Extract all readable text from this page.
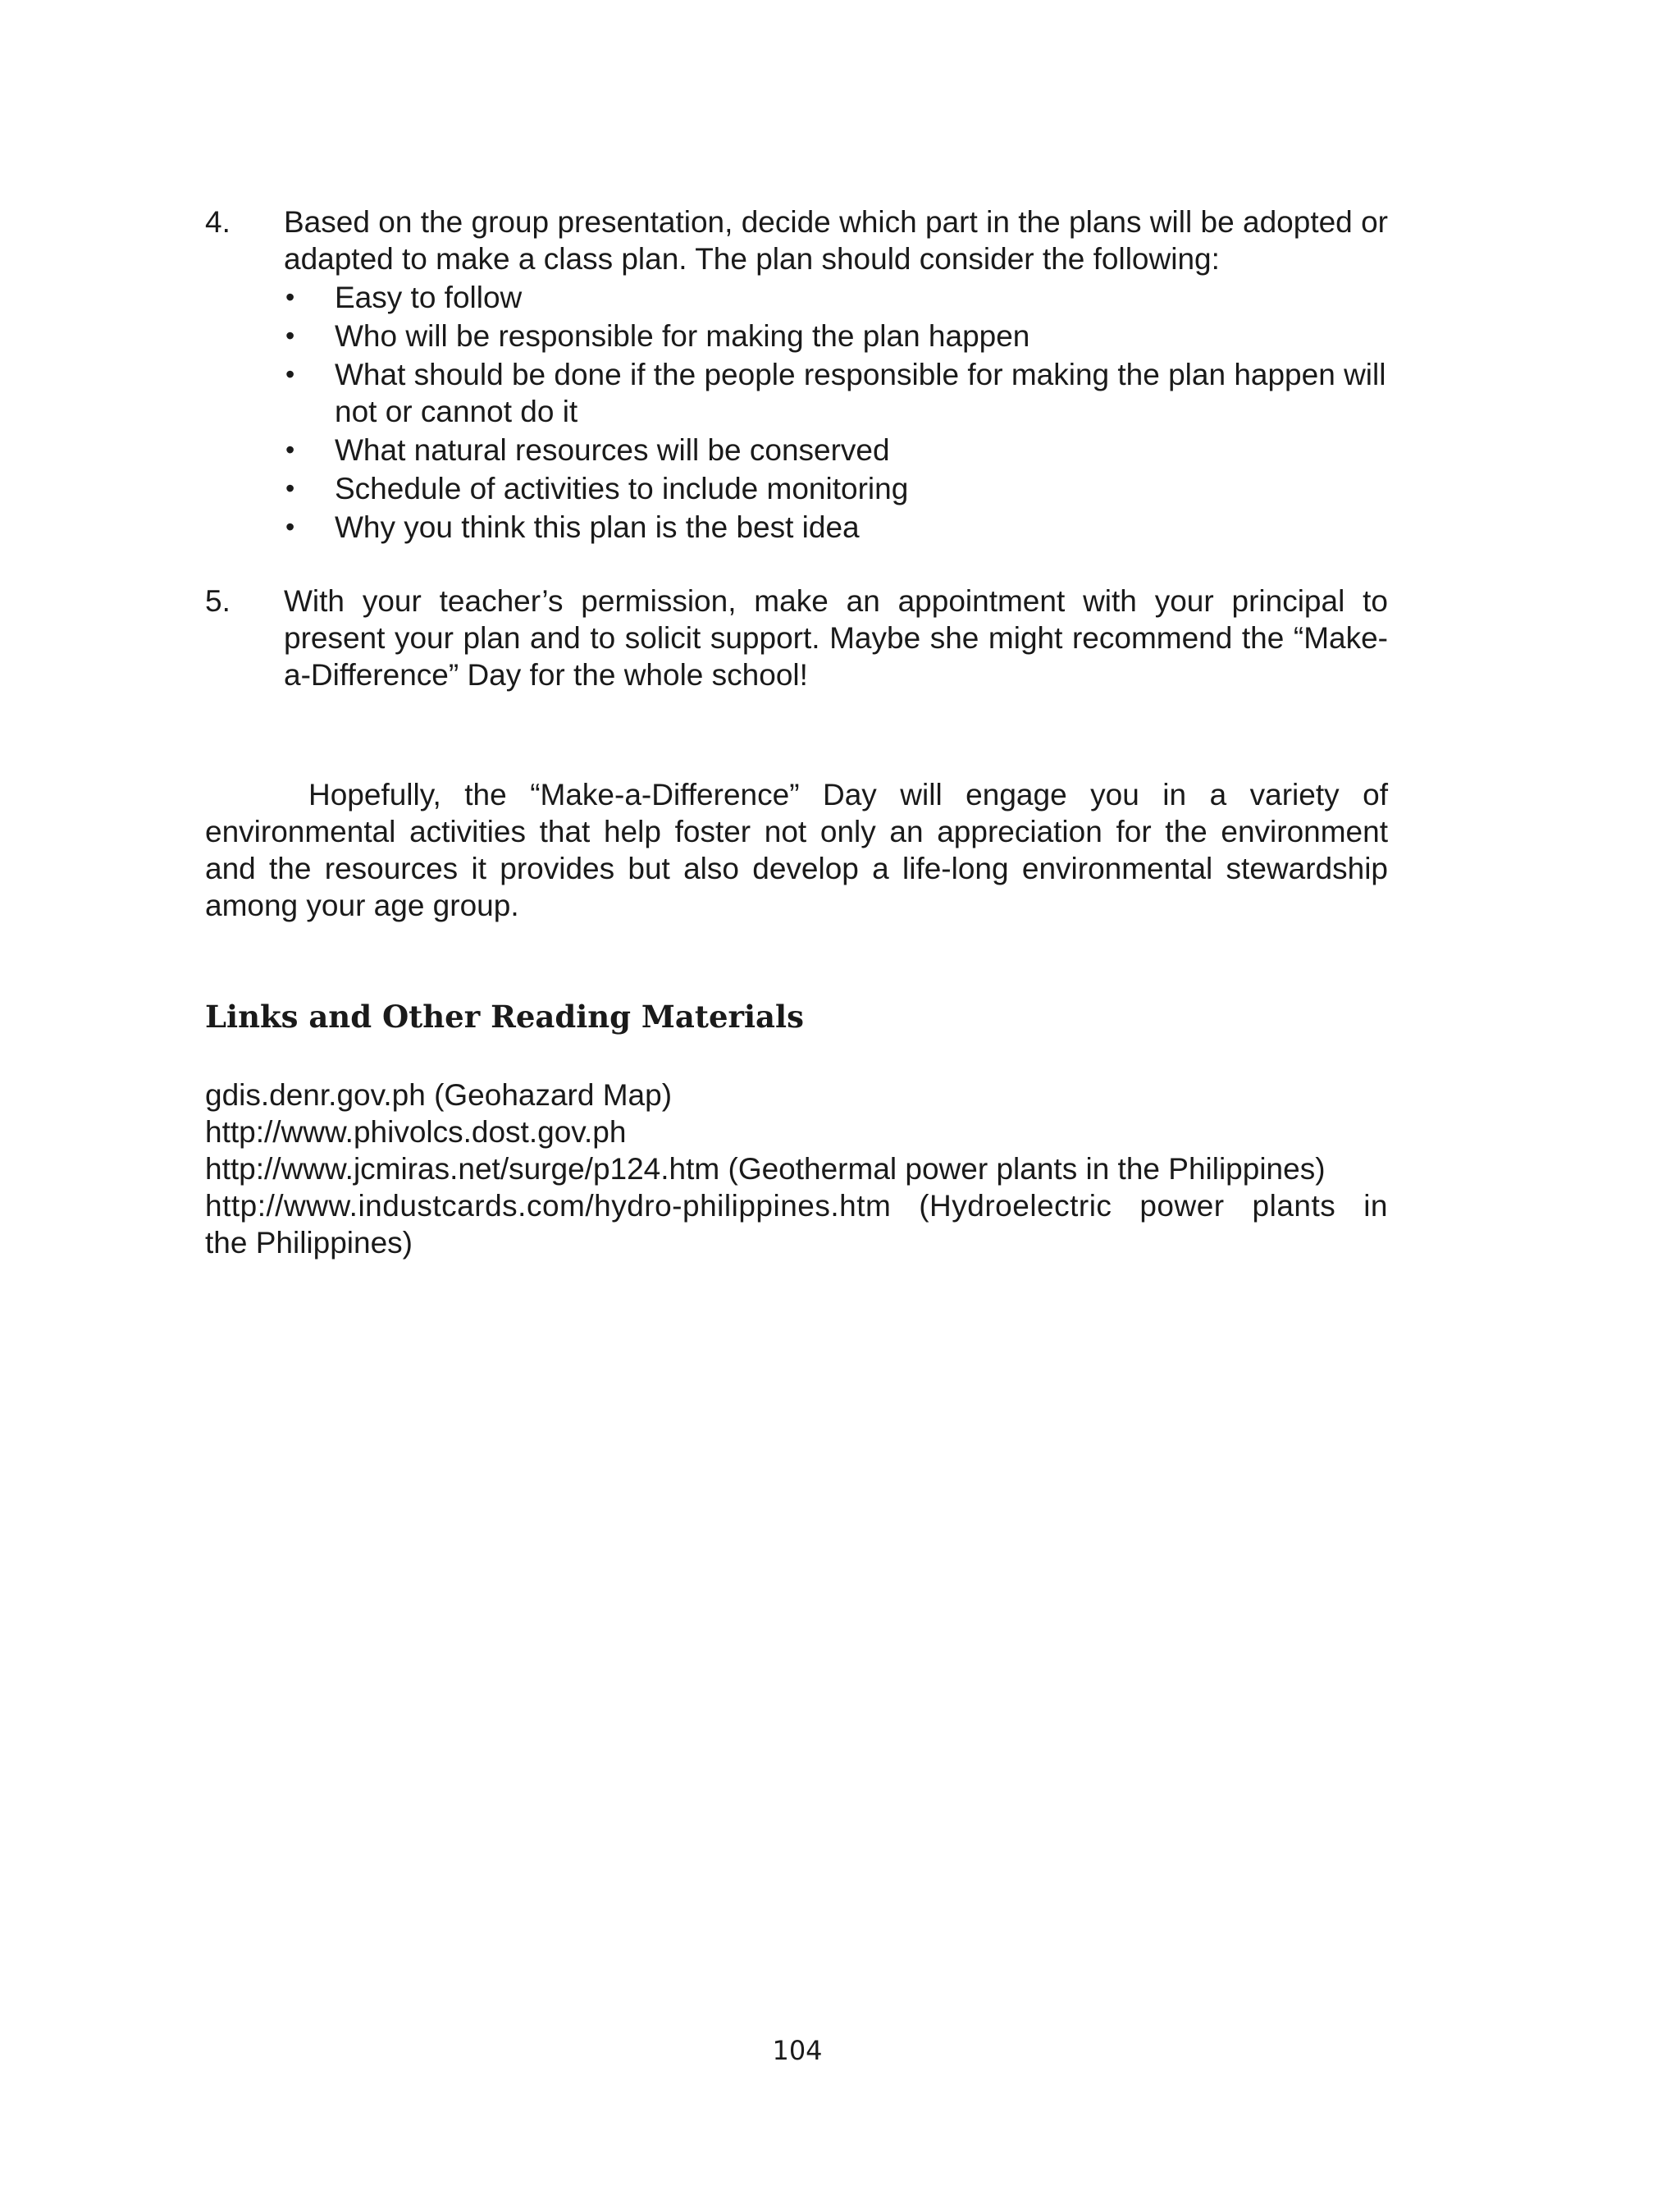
4. Based on the group presentation, decide which part in the plans will be adopted or adapted to make a class plan. The plan should consider the following:

• Easy to follow
• Who will be responsible for making the plan happen
• What should be done if the people responsible for making the plan happen will not or cannot do it
• What natural resources will be conserved
• Schedule of activities to include monitoring
• Why you think this plan is the best idea
5. With your teacher’s permission, make an appointment with your principal to present your plan and to solicit support. Maybe she might recommend the “Make-a-Difference” Day for the whole school!

Hopefully, the “Make-a-Difference” Day will engage you in a variety of environmental activities that help foster not only an appreciation for the environment and the resources it provides but also develop a life-long environmental stewardship among your age group.

Links and Other Reading Materials
gdis.denr.gov.ph (Geohazard Map)
http://www.phivolcs.dost.gov.ph
http://www.jcmiras.net/surge/p124.htm (Geothermal power plants in the Philippines)
http://www.industcards.com/hydro-philippines.htm (Hydroelectric power plants in
the Philippines)
104
